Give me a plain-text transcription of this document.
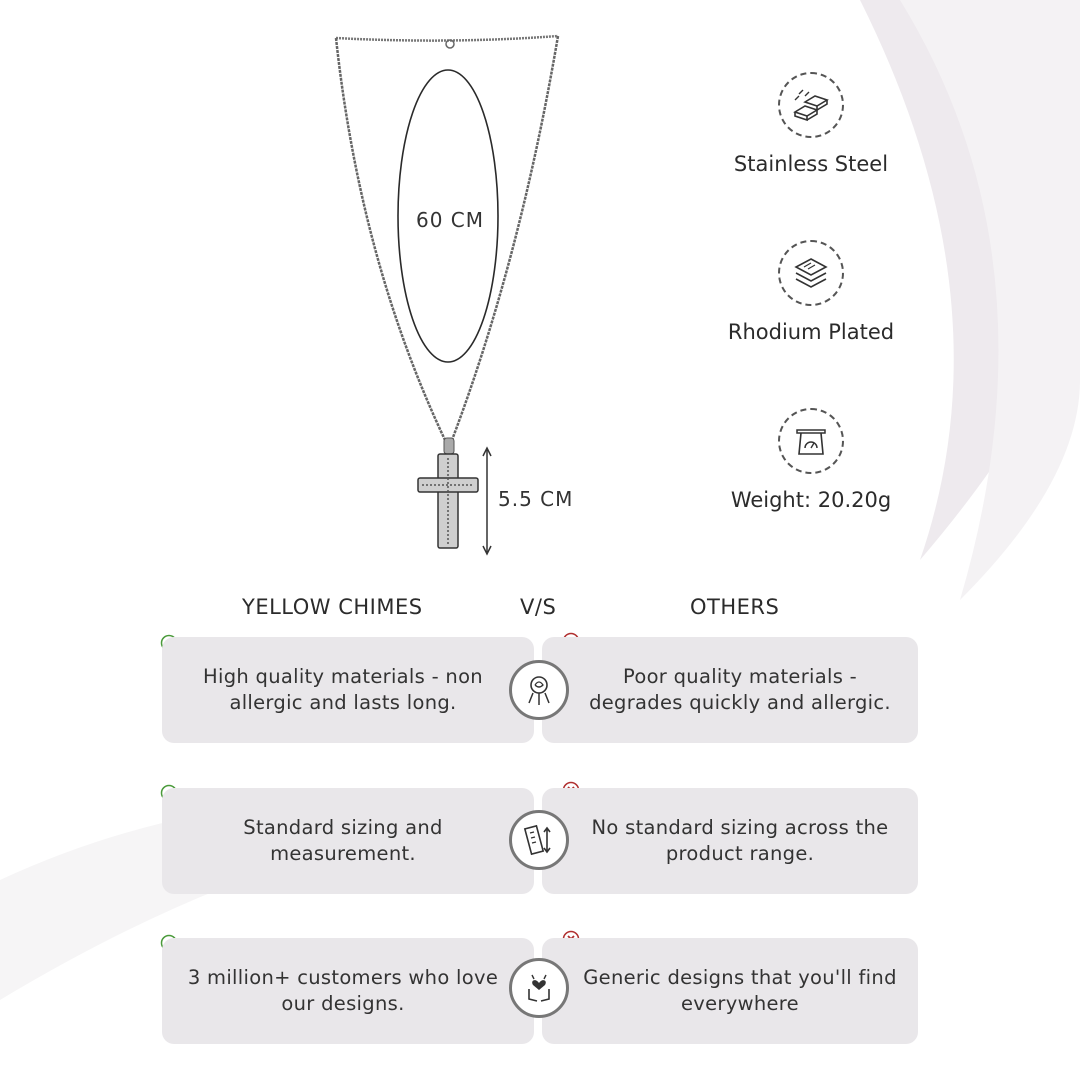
60 CM
5.5 CM
Stainless Steel
Rhodium Plated
Weight: 20.20g
YELLOW CHIMES	V/S	OTHERS
High quality materials - non allergic and lasts long.
Poor quality materials - degrades quickly and allergic.
Standard sizing and measurement.
No standard sizing across the product range.
3 million+ customers who love our designs.
Generic designs that you'll find everywhere
